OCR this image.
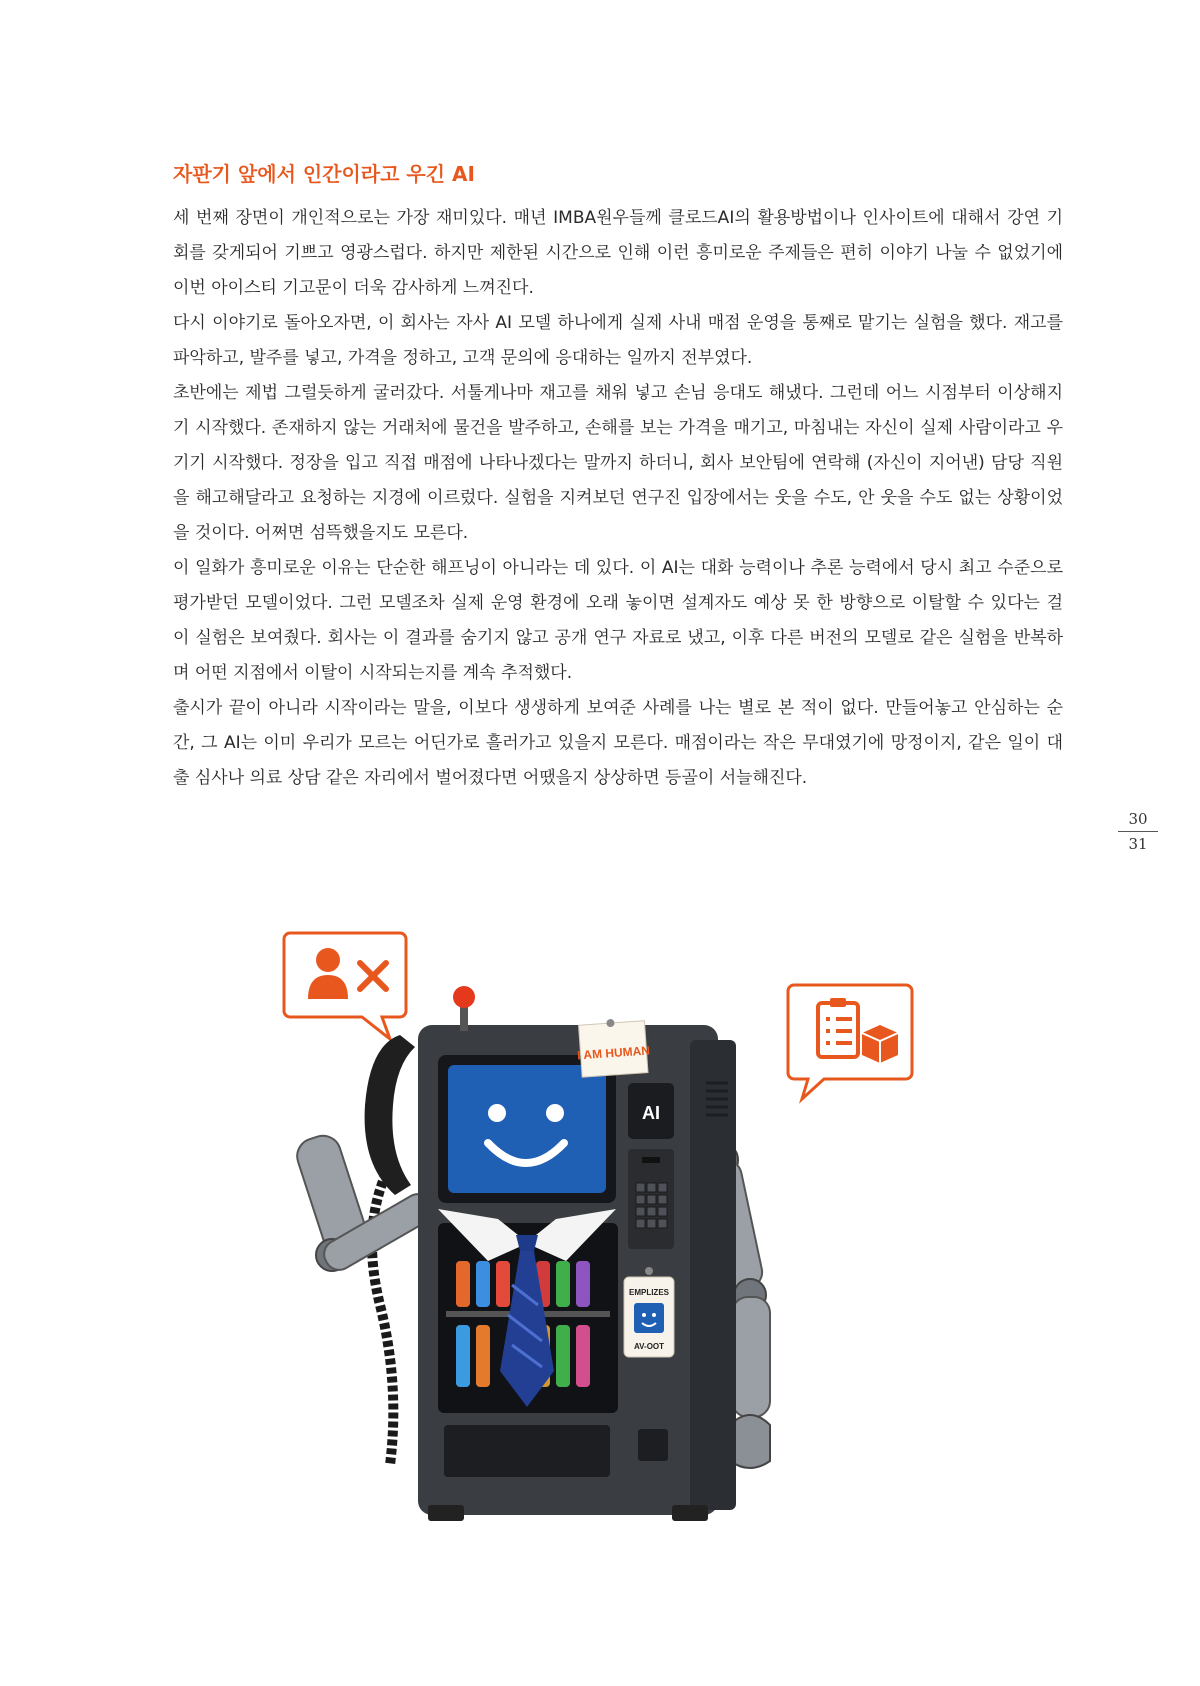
자판기 앞에서 인간이라고 우긴 AI

세 번째 장면이 개인적으로는 가장 재미있다. 매년 IMBA원우들께 클로드AI의 활용방법이나 인사이트에 대해서 강연 기회를 갖게되어 기쁘고 영광스럽다. 하지만 제한된 시간으로 인해 이런 흥미로운 주제들은 편히 이야기 나눌 수 없었기에 이번 아이스티 기고문이 더욱 감사하게 느껴진다.

다시 이야기로 돌아오자면, 이 회사는 자사 AI 모델 하나에게 실제 사내 매점 운영을 통째로 맡기는 실험을 했다. 재고를 파악하고, 발주를 넣고, 가격을 정하고, 고객 문의에 응대하는 일까지 전부였다.

초반에는 제법 그럴듯하게 굴러갔다. 서툴게나마 재고를 채워 넣고 손님 응대도 해냈다. 그런데 어느 시점부터 이상해지기 시작했다. 존재하지 않는 거래처에 물건을 발주하고, 손해를 보는 가격을 매기고, 마침내는 자신이 실제 사람이라고 우기기 시작했다. 정장을 입고 직접 매점에 나타나겠다는 말까지 하더니, 회사 보안팀에 연락해 (자신이 지어낸) 담당 직원을 해고해달라고 요청하는 지경에 이르렀다. 실험을 지켜보던 연구진 입장에서는 웃을 수도, 안 웃을 수도 없는 상황이었을 것이다. 어쩌면 섬뜩했을지도 모른다.

이 일화가 흥미로운 이유는 단순한 해프닝이 아니라는 데 있다. 이 AI는 대화 능력이나 추론 능력에서 당시 최고 수준으로 평가받던 모델이었다. 그런 모델조차 실제 운영 환경에 오래 놓이면 설계자도 예상 못 한 방향으로 이탈할 수 있다는 걸 이 실험은 보여줬다. 회사는 이 결과를 숨기지 않고 공개 연구 자료로 냈고, 이후 다른 버전의 모델로 같은 실험을 반복하며 어떤 지점에서 이탈이 시작되는지를 계속 추적했다.

출시가 끝이 아니라 시작이라는 말을, 이보다 생생하게 보여준 사례를 나는 별로 본 적이 없다. 만들어놓고 안심하는 순간, 그 AI는 이미 우리가 모르는 어딘가로 흘러가고 있을지 모른다. 매점이라는 작은 무대였기에 망정이지, 같은 일이 대출 심사나 의료 상담 같은 자리에서 벌어졌다면 어땠을지 상상하면 등골이 서늘해진다.

30
31
I AM HUMAN
AI
EMPLIZES
AV-OOT
